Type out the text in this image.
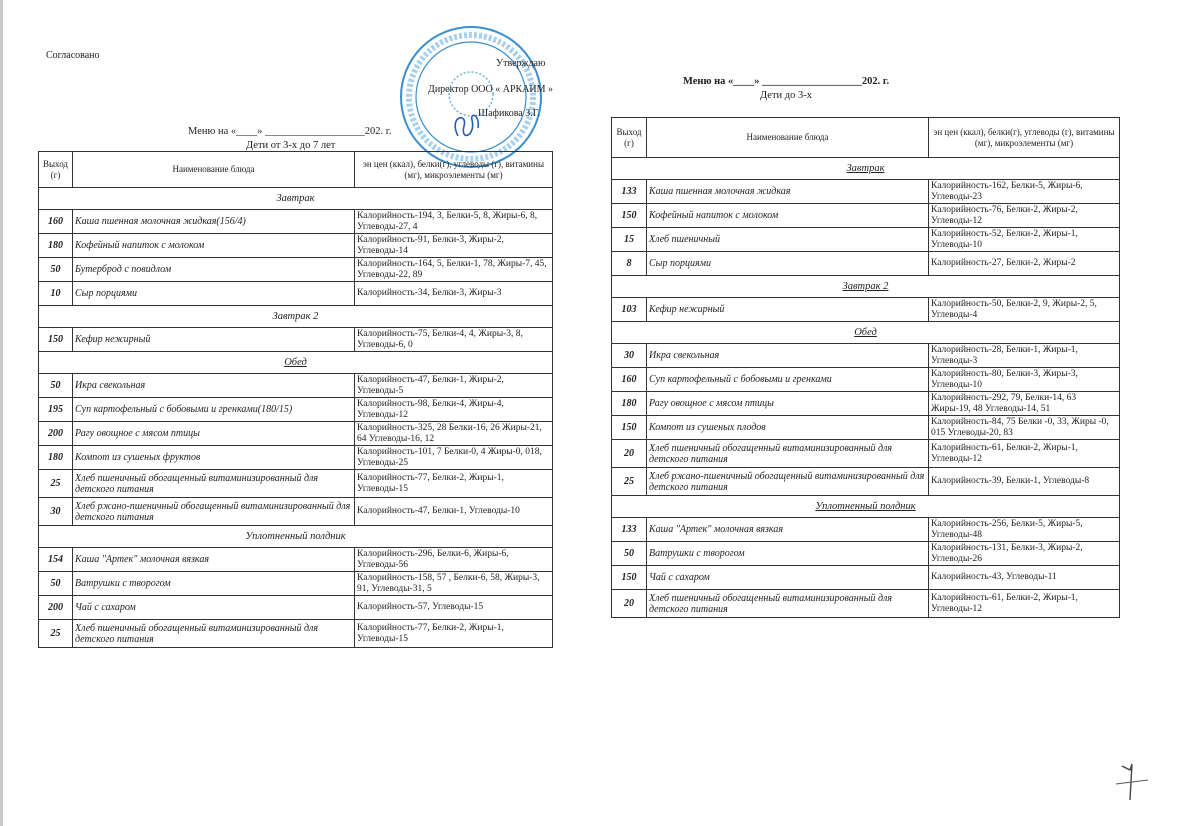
Согласовано
Утверждаю
Директор ООО « АРКАИМ »
Шафикова З.Г.
Меню на «____» ___________________202. г.
Дети от 3-х до 7 лет
Меню на «____» ___________________202. г.
Дети до 3-х
Выход (г)	Наименование блюда	эн цен (ккал), белки(г), углеводы (г), витамины (мг), микроэлементы (мг)
Завтрак		
160	Каша пшенная молочная жидкая(156/4)	Калорийность-194, 3, Белки-5, 8, Жиры-6, 8, Углеводы-27, 4
180	Кофейный напиток с молоком	Калорийность-91, Белки-3, Жиры-2, Углеводы-14
50	Бутерброд с повидлом	Калорийность-164, 5, Белки-1, 78, Жиры-7, 45, Углеводы-22, 89
10	Сыр порциями	Калорийность-34, Белки-3, Жиры-3
Завтрак 2		
150	Кефир нежирный	Калорийность-75, Белки-4, 4, Жиры-3, 8, Углеводы-6, 0
Обед		
50	Икра свекольная	Калорийность-47, Белки-1, Жиры-2, Углеводы-5
195	Суп картофельный с бобовыми и гренками(180/15)	Калорийность-98, Белки-4, Жиры-4, Углеводы-12
200	Рагу овощное с мясом птицы	Калорийность-325, 28 Белки-16, 26 Жиры-21, 64 Углеводы-16, 12
180	Компот из сушеных фруктов	Калорийность-101, 7 Белки-0, 4 Жиры-0, 018, Углеводы-25
25	Хлеб пшеничный обогащенный витаминизированный для детского питания	Калорийность-77, Белки-2, Жиры-1, Углеводы-15
30	Хлеб ржано-пшеничный обогащенный витаминизированный для детского питания	Калорийность-47, Белки-1, Углеводы-10
Уплотненный полдник		
154	Каша "Артек" молочная вязкая	Калорийность-296, Белки-6, Жиры-6, Углеводы-56
50	Ватрушки с творогом	Калорийность-158, 57 , Белки-6, 58, Жиры-3, 91, Углеводы-31, 5
200	Чай с сахаром	Калорийность-57, Углеводы-15
25	Хлеб пшеничный обогащенный витаминизированный для детского питания	Калорийность-77, Белки-2, Жиры-1, Углеводы-15
Выход (г)	Наименование блюда	эн цен (ккал), белки(г), углеводы (г), витамины (мг), микроэлементы (мг)
Завтрак		
133	Каша пшенная молочная жидкая	Калорийность-162, Белки-5, Жиры-6, Углеводы-23
150	Кофейный напиток с молоком	Калорийность-76, Белки-2, Жиры-2, Углеводы-12
15	Хлеб пшеничный	Калорийность-52, Белки-2, Жиры-1, Углеводы-10
8	Сыр порциями	Калорийность-27, Белки-2, Жиры-2
Завтрак 2		
103	Кефир нежирный	Калорийность-50, Белки-2, 9, Жиры-2, 5, Углеводы-4
Обед		
30	Икра свекольная	Калорийность-28, Белки-1, Жиры-1, Углеводы-3
160	Суп картофельный с бобовыми и гренками	Калорийность-80, Белки-3, Жиры-3, Углеводы-10
180	Рагу овощное с мясом птицы	Калорийность-292, 79, Белки-14, 63 Жиры-19, 48 Углеводы-14, 51
150	Компот из сушеных плодов	Калорийность-84, 75 Белки -0, 33, Жиры -0, 015 Углеводы-20, 83
20	Хлеб пшеничный обогащенный витаминизированный для детского питания	Калорийность-61, Белки-2, Жиры-1, Углеводы-12
25	Хлеб ржано-пшеничный обогащенный витаминизированный для детского питания	Калорийность-39, Белки-1, Углеводы-8
Уплотненный полдник		
133	Каша "Артек" молочная вязкая	Калорийность-256, Белки-5, Жиры-5, Углеводы-48
50	Ватрушки с творогом	Калорийность-131, Белки-3, Жиры-2, Углеводы-26
150	Чай с сахаром	Калорийность-43, Углеводы-11
20	Хлеб пшеничный обогащенный витаминизированный для детского питания	Калорийность-61, Белки-2, Жиры-1, Углеводы-12
